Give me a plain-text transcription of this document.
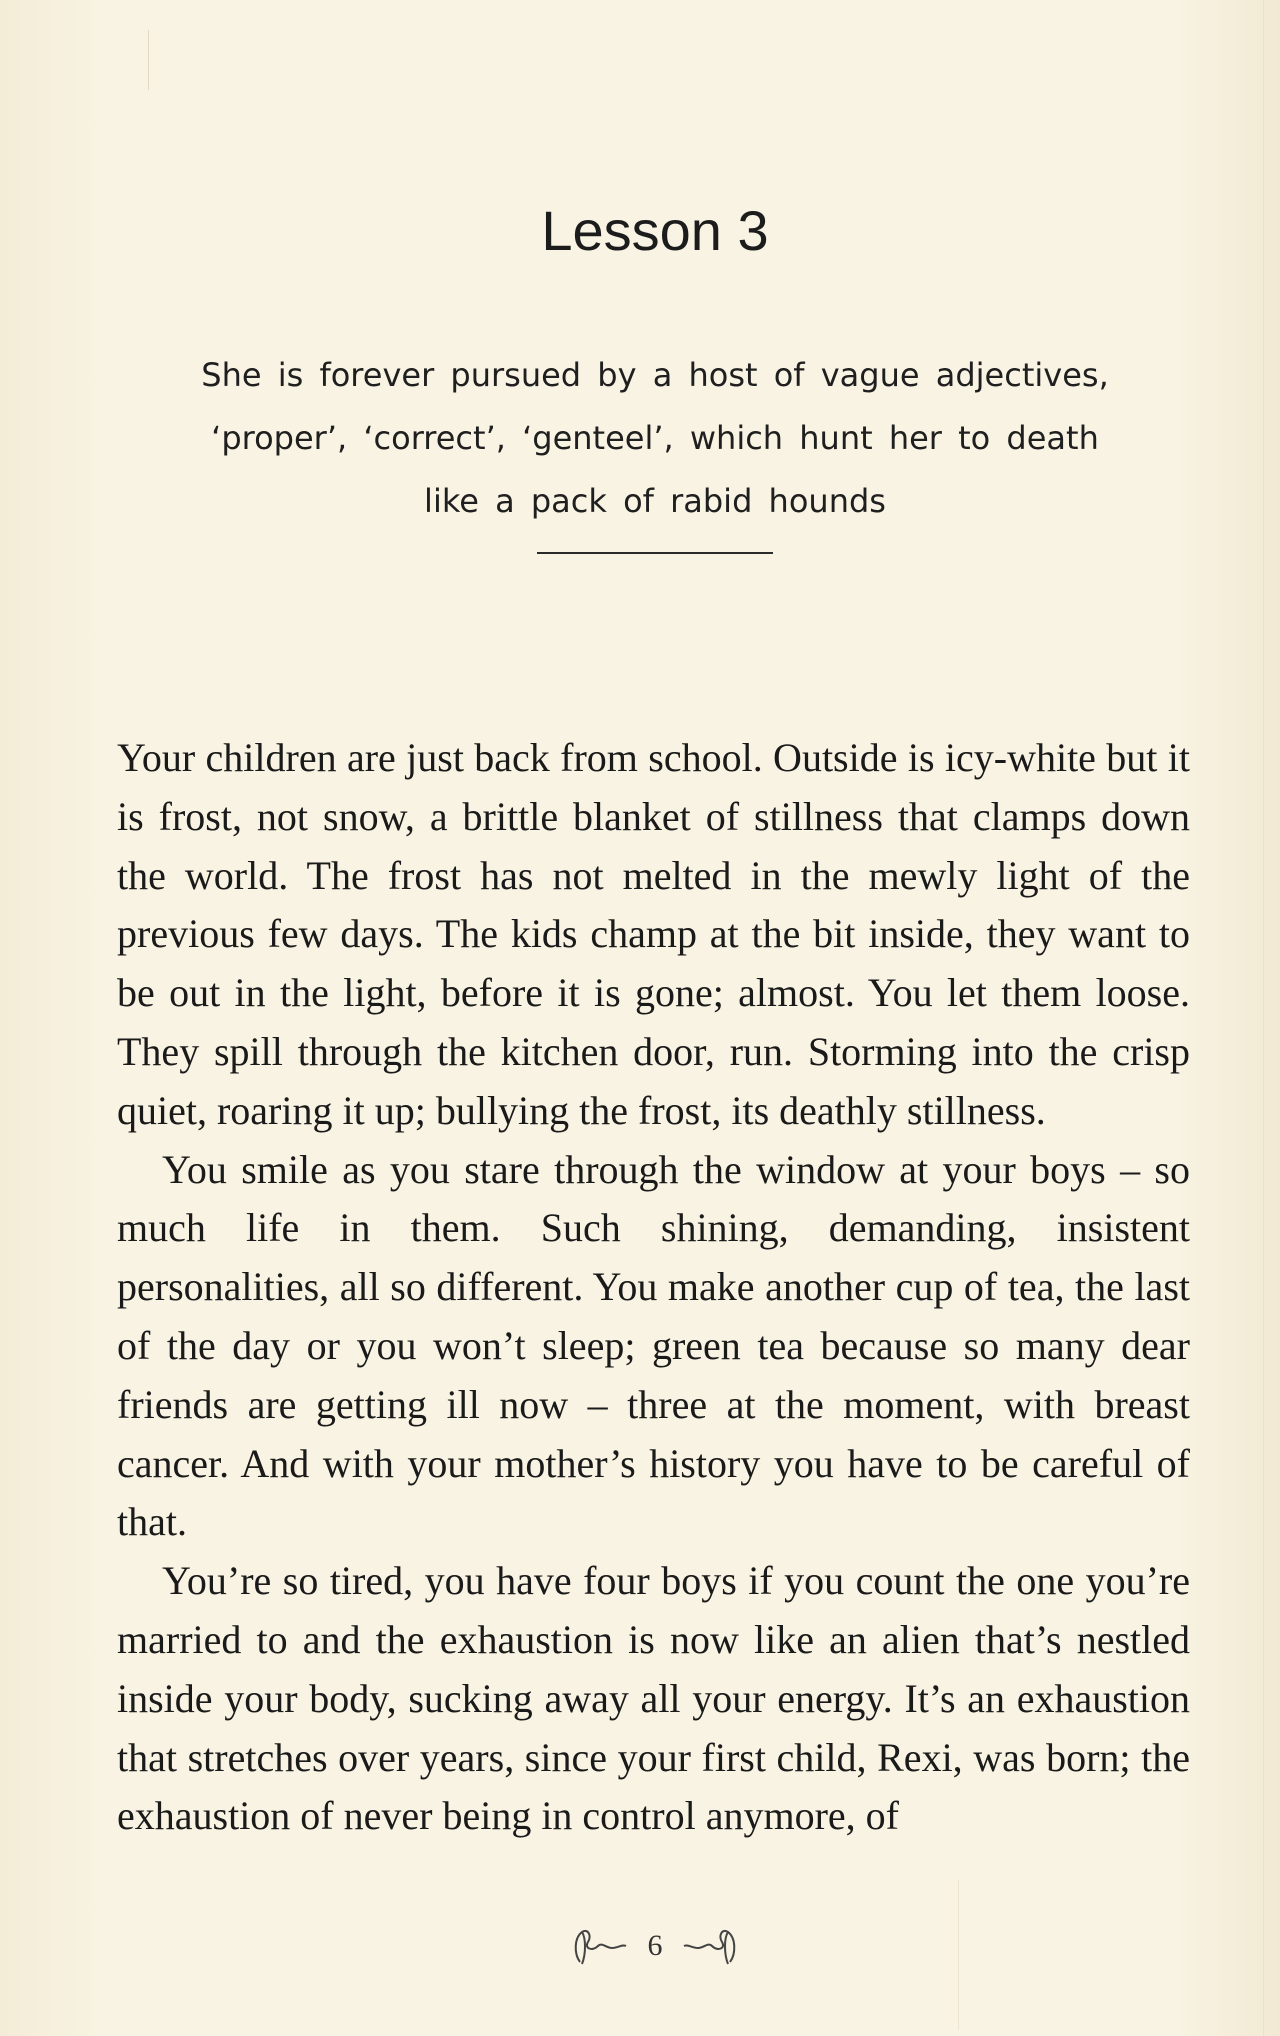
Lesson 3
She is forever pursued by a host of vague adjectives,
‘proper’, ‘correct’, ‘genteel’, which hunt her to death
like a pack of rabid hounds

Your children are just back from school. Outside is icy-white but it is frost, not snow, a brittle blanket of stillness that clamps down the world. The frost has not melted in the mewly light of the previous few days. The kids champ at the bit inside, they want to be out in the light, before it is gone; almost. You let them loose. They spill through the kitchen door, run. Storming into the crisp quiet, roaring it up; bullying the frost, its deathly stillness.

You smile as you stare through the window at your boys – so much life in them. Such shining, demanding, insistent personalities, all so different. You make another cup of tea, the last of the day or you won’t sleep; green tea because so many dear friends are getting ill now – three at the moment, with breast cancer. And with your mother’s history you have to be careful of that.

You’re so tired, you have four boys if you count the one you’re married to and the exhaustion is now like an alien that’s nestled inside your body, sucking away all your energy. It’s an exhaustion that stretches over years, since your first child, Rexi, was born; the exhaustion of never being in control anymore, of

6
